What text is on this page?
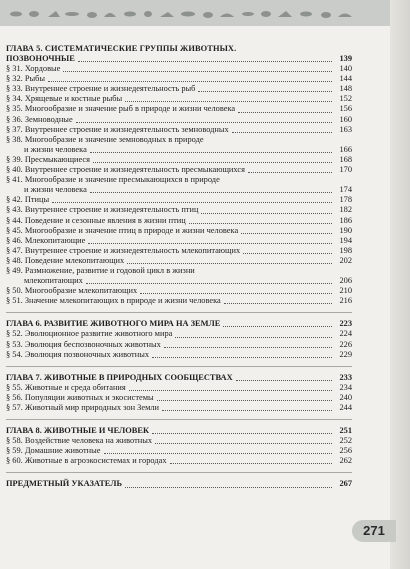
ГЛАВА 5. СИСТЕМАТИЧЕСКИЕ ГРУППЫ ЖИВОТНЫХ.
ПОЗВОНОЧНЫЕ	139
§ 31. Хордовые	140
§ 32. Рыбы	144
§ 33. Внутреннее строение и жизнедеятельность рыб	148
§ 34. Хрящевые и костные рыбы	152
§ 35. Многообразие и значение рыб в природе и жизни человека	156
§ 36. Земноводные	160
§ 37. Внутреннее строение и жизнедеятельность земноводных	163
§ 38. Многообразие и значение земноводных в природе
и жизни человека	166
§ 39. Пресмыкающиеся	168
§ 40. Внутреннее строение и жизнедеятельность пресмыкающихся	170
§ 41. Многообразие и значение пресмыкающихся в природе
и жизни человека	174
§ 42. Птицы	178
§ 43. Внутреннее строение и жизнедеятельность птиц	182
§ 44. Поведение и сезонные явления в жизни птиц	186
§ 45. Многообразие и значение птиц в природе и жизни человека	190
§ 46. Млекопитающие	194
§ 47. Внутреннее строение и жизнедеятельность млекопитающих	198
§ 48. Поведение млекопитающих	202
§ 49. Размножение, развитие и годовой цикл в жизни
млекопитающих	206
§ 50. Многообразие млекопитающих	210
§ 51. Значение млекопитающих в природе и жизни человека	216
ГЛАВА 6. РАЗВИТИЕ ЖИВОТНОГО МИРА НА ЗЕМЛЕ	223
§ 52. Эволюционное развитие животного мира	224
§ 53. Эволюция беспозвоночных животных	226
§ 54. Эволюция позвоночных животных	229
ГЛАВА 7. ЖИВОТНЫЕ В ПРИРОДНЫХ СООБЩЕСТВАХ	233
§ 55. Животные и среда обитания	234
§ 56. Популяции животных и экосистемы	240
§ 57. Животный мир природных зон Земли	244
ГЛАВА 8. ЖИВОТНЫЕ И ЧЕЛОВЕК	251
§ 58. Воздействие человека на животных	252
§ 59. Домашние животные	256
§ 60. Животные в агроэкосистемах и городах	262
ПРЕДМЕТНЫЙ УКАЗАТЕЛЬ	267
271
